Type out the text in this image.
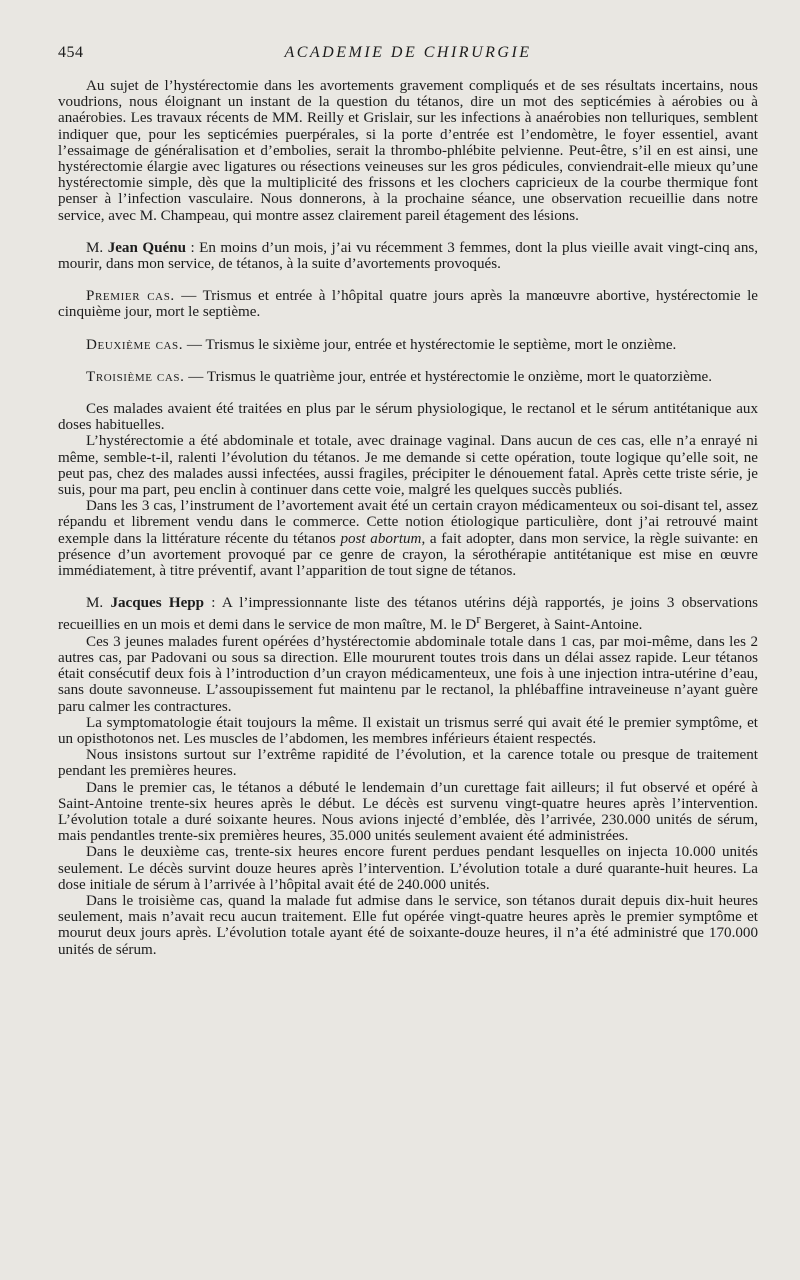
454	ACADEMIE DE CHIRURGIE

Au sujet de l’hystérectomie dans les avortements gravement compliqués et de ses résultats incertains, nous voudrions, nous éloignant un instant de la question du tétanos, dire un mot des septicémies à aérobies ou à anaérobies. Les travaux récents de MM. Reilly et Grislair, sur les infections à anaérobies non telluriques, semblent indiquer que, pour les septicémies puerpérales, si la porte d’entrée est l’endomètre, le foyer essentiel, avant l’essaimage de généralisation et d’embolies, serait la thrombo-phlébite pelvienne. Peut-être, s’il en est ainsi, une hystérectomie élargie avec ligatures ou résections veineuses sur les gros pédicules, conviendrait-elle mieux qu’une hystérectomie simple, dès que la multiplicité des frissons et les clochers capricieux de la courbe thermique font penser à l’infection vasculaire. Nous donnerons, à la prochaine séance, une observation recueillie dans notre service, avec M. Champeau, qui montre assez clairement pareil étagement des lésions.

M. Jean Quénu : En moins d’un mois, j’ai vu récemment 3 femmes, dont la plus vieille avait vingt-cinq ans, mourir, dans mon service, de tétanos, à la suite d’avortements provoqués.

Premier cas. — Trismus et entrée à l’hôpital quatre jours après la manœuvre abortive, hystérectomie le cinquième jour, mort le septième.

Deuxième cas. — Trismus le sixième jour, entrée et hystérectomie le septième, mort le onzième.

Troisième cas. — Trismus le quatrième jour, entrée et hystérectomie le onzième, mort le quatorzième.

Ces malades avaient été traitées en plus par le sérum physiologique, le rectanol et le sérum antitétanique aux doses habituelles.

L’hystérectomie a été abdominale et totale, avec drainage vaginal. Dans aucun de ces cas, elle n’a enrayé ni même, semble-t-il, ralenti l’évolution du tétanos. Je me demande si cette opération, toute logique qu’elle soit, ne peut pas, chez des malades aussi infectées, aussi fragiles, précipiter le dénouement fatal. Après cette triste série, je suis, pour ma part, peu enclin à continuer dans cette voie, malgré les quelques succès publiés.

Dans les 3 cas, l’instrument de l’avortement avait été un certain crayon médicamenteux ou soi-disant tel, assez répandu et librement vendu dans le commerce. Cette notion étiologique particulière, dont j’ai retrouvé maint exemple dans la littérature récente du tétanos post abortum, a fait adopter, dans mon service, la règle suivante: en présence d’un avortement provoqué par ce genre de crayon, la sérothérapie antitétanique est mise en œuvre immédiatement, à titre préventif, avant l’apparition de tout signe de tétanos.

M. Jacques Hepp : A l’impressionnante liste des tétanos utérins déjà rapportés, je joins 3 observations recueillies en un mois et demi dans le service de mon maître, M. le $D^r$ Bergeret, à Saint-Antoine.

Ces 3 jeunes malades furent opérées d’hystérectomie abdominale totale dans 1 cas, par moi-même, dans les 2 autres cas, par Padovani ou sous sa direction. Elle moururent toutes trois dans un délai assez rapide. Leur tétanos était consécutif deux fois à l’introduction d’un crayon médicamenteux, une fois à une injection intra-utérine d’eau, sans doute savonneuse. L’assoupissement fut maintenu par le rectanol, la phlébaffine intraveineuse n’ayant guère paru calmer les contractures.

La symptomatologie était toujours la même. Il existait un trismus serré qui avait été le premier symptôme, et un opisthotonos net. Les muscles de l’abdomen, les membres inférieurs étaient respectés.

Nous insistons surtout sur l’extrême rapidité de l’évolution, et la carence totale ou presque de traitement pendant les premières heures.

Dans le premier cas, le tétanos a débuté le lendemain d’un curettage fait ailleurs; il fut observé et opéré à Saint-Antoine trente-six heures après le début. Le décès est survenu vingt-quatre heures après l’intervention. L’évolution totale a duré soixante heures. Nous avions injecté d’emblée, dès l’arrivée, 230.000 unités de sérum, mais pendantles trente-six premières heures, 35.000 unités seulement avaient été administrées.

Dans le deuxième cas, trente-six heures encore furent perdues pendant lesquelles on injecta 10.000 unités seulement. Le décès survint douze heures après l’intervention. L’évolution totale a duré quarante-huit heures. La dose initiale de sérum à l’arrivée à l’hôpital avait été de 240.000 unités.

Dans le troisième cas, quand la malade fut admise dans le service, son tétanos durait depuis dix-huit heures seulement, mais n’avait recu aucun traitement. Elle fut opérée vingt-quatre heures après le premier symptôme et mourut deux jours après. L’évolution totale ayant été de soixante-douze heures, il n’a été administré que 170.000 unités de sérum.
